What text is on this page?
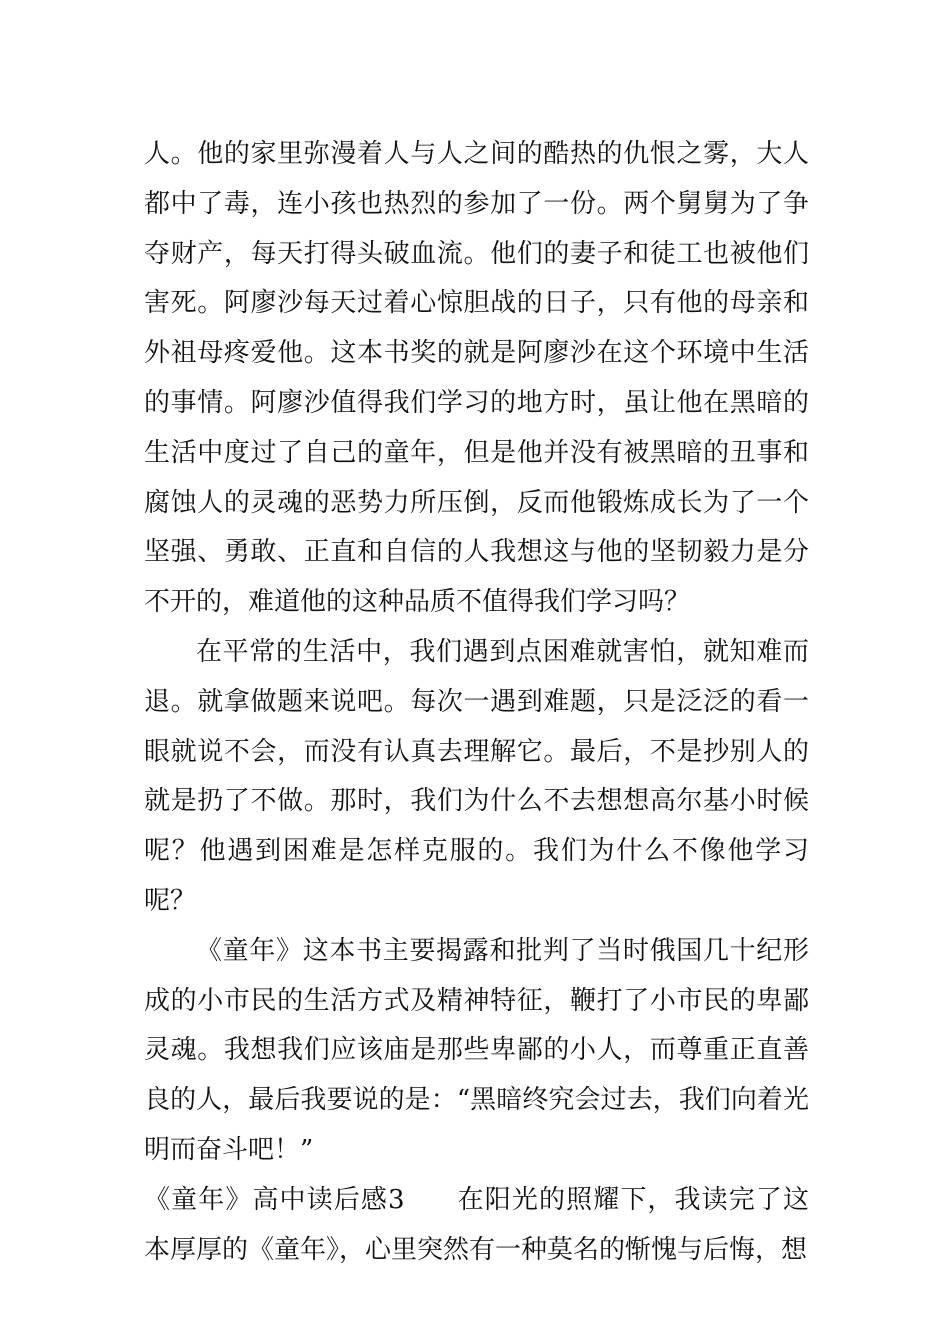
人。他的家里弥漫着人与人之间的酷热的仇恨之雾，大人都中了毒，连小孩也热烈的参加了一份。两个舅舅为了争夺财产，每天打得头破血流。他们的妻子和徒工也被他们害死。阿廖沙每天过着心惊胆战的日子，只有他的母亲和外祖母疼爱他。这本书奖的就是阿廖沙在这个环境中生活的事情。阿廖沙值得我们学习的地方时，虽让他在黑暗的生活中度过了自己的童年，但是他并没有被黑暗的丑事和腐蚀人的灵魂的恶势力所压倒，反而他锻炼成长为了一个坚强、勇敢、正直和自信的人我想这与他的坚韧毅力是分不开的，难道他的这种品质不值得我们学习吗？

在平常的生活中，我们遇到点困难就害怕，就知难而退。就拿做题来说吧。每次一遇到难题，只是泛泛的看一眼就说不会，而没有认真去理解它。最后，不是抄别人的就是扔了不做。那时，我们为什么不去想想高尔基小时候呢？他遇到困难是怎样克服的。我们为什么不像他学习呢？

《童年》这本书主要揭露和批判了当时俄国几十纪形成的小市民的生活方式及精神特征，鞭打了小市民的卑鄙灵魂。我想我们应该庙是那些卑鄙的小人，而尊重正直善良的人，最后我要说的是：“黑暗终究会过去，我们向着光明而奋斗吧！”

《童年》高中读后感3 在阳光的照耀下，我读完了这本厚厚的《童年》，心里突然有一种莫名的惭愧与后悔，想
